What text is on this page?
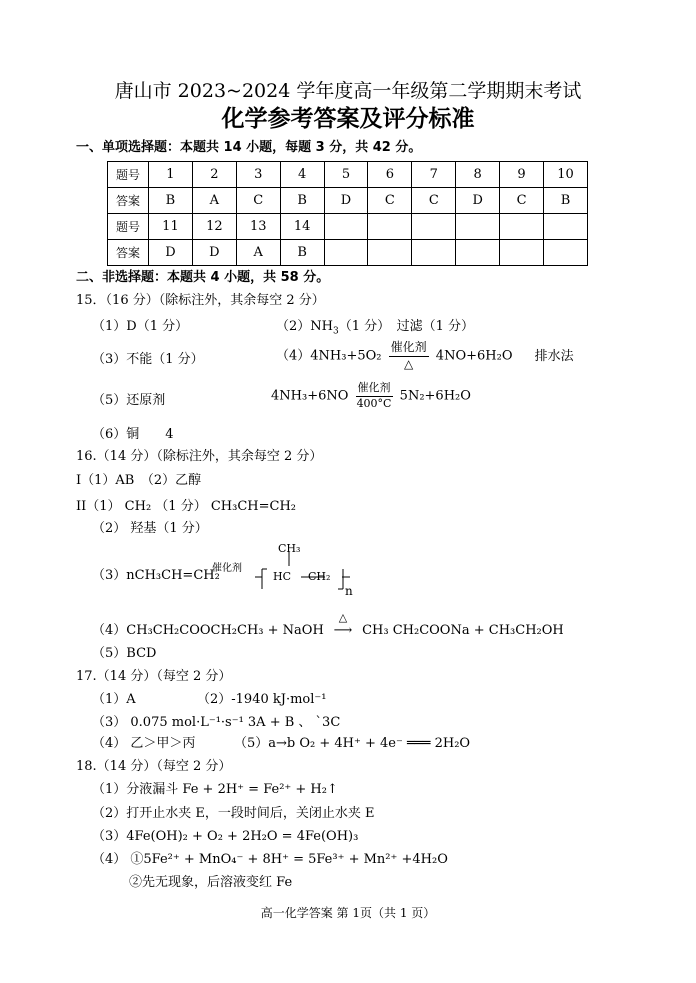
唐山市 2023~2024 学年度高一年级第二学期期末考试
化学参考答案及评分标准
一、单项选择题：本题共 14 小题，每题 3 分，共 42 分。
题号	1	2	3	4	5	6	7	8	9	10
答案	B	A	C	B	D	C	C	D	C	B
题号	11	12	13	14						
答案	D	D	A	B						
二、非选择题：本题共 4 小题，共 58 分。
15．（16 分）（除标注外，其余每空 2 分）
（1）D（1 分）	$(2)NH_3(1$ 分）　过滤（1 分）
（3）不能（1 分）	$(4)4NH_3+5O_2 \frac{\text{催化剂}}{\triangle} 4NO+6H_2O$ 排水法
（5）还原剂	$4NH_3+6NO \frac{\text{催化剂}}{400^\circ C} 5N_2+6H_2O$
（6）铜　　4
16.（14 分）（除标注外，其余每空 2 分）
I（1）AB　（2）乙醇
II（1） CH₂ （1 分） CH₃CH=CH₂
（2） 羟基（1 分）
（3）nCH₃CH=CH₂
催化剂
CH₃
HC CH₂
n
（4）CH₃CH₂COOCH₂CH₃ + NaOH
△
⟶ CH₃ CH₂COONa + CH₃CH₂OH
（5）BCD
17.（14 分）（每空 2 分）
（1）A	（2）-1940 kJ·mol⁻¹
（3） 0.075 mol·L⁻¹·s⁻¹ 3A + B 、 ˋ3C
（4） 乙＞甲＞丙	（5）a→b O₂ + 4H⁺ + 4e⁻ ═══ 2H₂O
18.（14 分）（每空 2 分）
（1）分液漏斗 Fe + 2H⁺ = Fe²⁺ + H₂↑
（2）打开止水夹 E，一段时间后，关闭止水夹 E
（3）4Fe(OH)₂ + O₂ + 2H₂O = 4Fe(OH)₃
（4） ①5Fe²⁺ + MnO₄⁻ + 8H⁺ = 5Fe³⁺ + Mn²⁺ +4H₂O
②先无现象，后溶液变红 Fe
高一化学答案 第 1页（共 1 页）
